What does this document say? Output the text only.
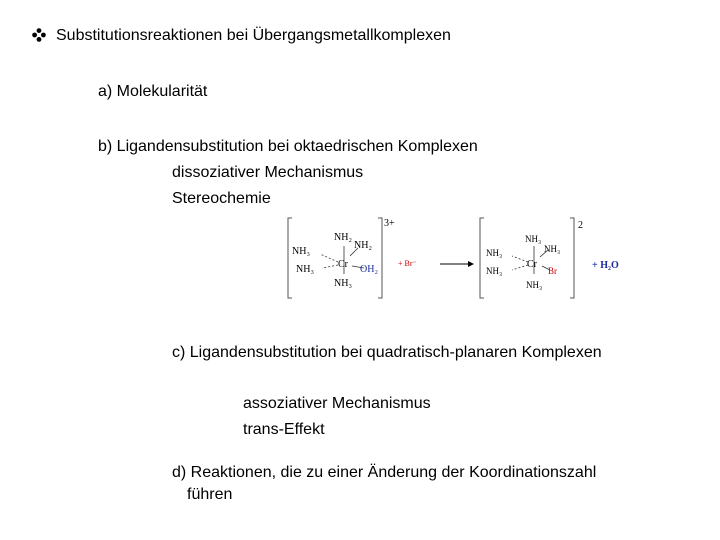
Substitutionsreaktionen bei Übergangsmetallkomplexen
a) Molekularität
b) Ligandensubstitution bei oktaedrischen Komplexen
dissoziativer Mechanismus
Stereochemie
3+
Cr
NH₂
NH₂
NH₃
NH₃	OH₂
NH₃
+ Br⁻
2
Cr
NH₃
NH₃
NH₃
NH₃	Br
NH₃
+ H₂O
c) Ligandensubstitution bei quadratisch-planaren Komplexen
assoziativer Mechanismus
trans-Effekt
d) Reaktionen, die zu einer Änderung der Koordinationszahl
führen
